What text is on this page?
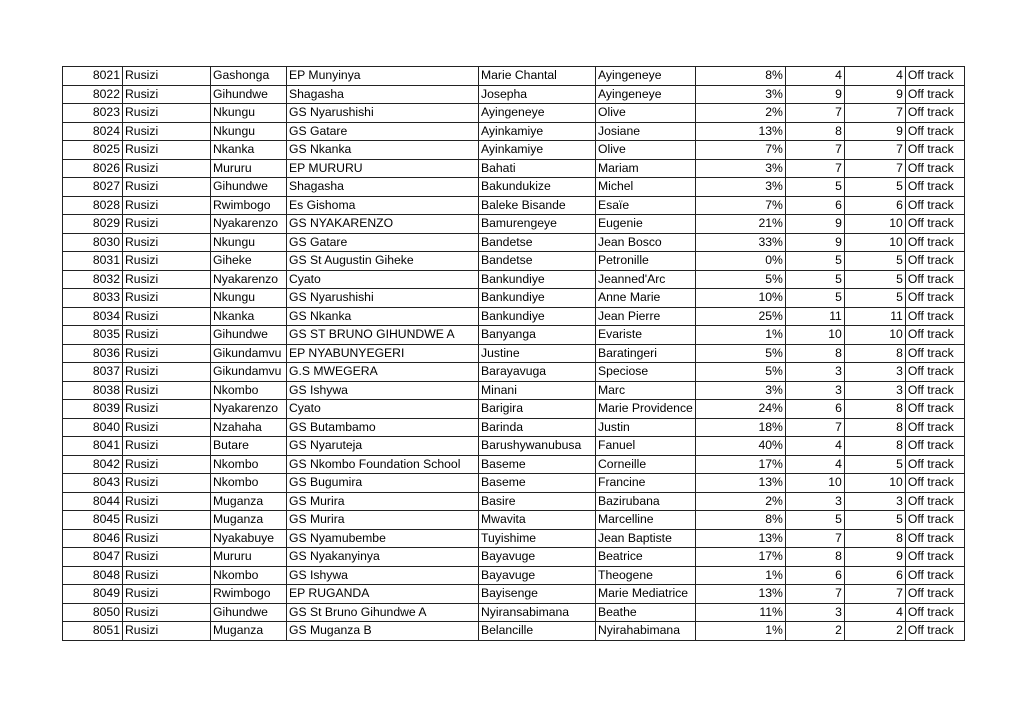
8021	Rusizi	Gashonga	EP Munyinya	Marie Chantal	Ayingeneye	8%	4	4	Off track
8022	Rusizi	Gihundwe	Shagasha	Josepha	Ayingeneye	3%	9	9	Off track
8023	Rusizi	Nkungu	GS Nyarushishi	Ayingeneye	Olive	2%	7	7	Off track
8024	Rusizi	Nkungu	GS Gatare	Ayinkamiye	Josiane	13%	8	9	Off track
8025	Rusizi	Nkanka	GS Nkanka	Ayinkamiye	Olive	7%	7	7	Off track
8026	Rusizi	Mururu	EP MURURU	Bahati	Mariam	3%	7	7	Off track
8027	Rusizi	Gihundwe	Shagasha	Bakundukize	Michel	3%	5	5	Off track
8028	Rusizi	Rwimbogo	Es Gishoma	Baleke Bisande	Esaïe	7%	6	6	Off track
8029	Rusizi	Nyakarenzo	GS NYAKARENZO	Bamurengeye	Eugenie	21%	9	10	Off track
8030	Rusizi	Nkungu	GS Gatare	Bandetse	Jean Bosco	33%	9	10	Off track
8031	Rusizi	Giheke	GS St Augustin Giheke	Bandetse	Petronille	0%	5	5	Off track
8032	Rusizi	Nyakarenzo	Cyato	Bankundiye	Jeanned'Arc	5%	5	5	Off track
8033	Rusizi	Nkungu	GS Nyarushishi	Bankundiye	Anne Marie	10%	5	5	Off track
8034	Rusizi	Nkanka	GS Nkanka	Bankundiye	Jean Pierre	25%	11	11	Off track
8035	Rusizi	Gihundwe	GS ST BRUNO GIHUNDWE A	Banyanga	Evariste	1%	10	10	Off track
8036	Rusizi	Gikundamvu	EP NYABUNYEGERI	Justine	Baratingeri	5%	8	8	Off track
8037	Rusizi	Gikundamvu	G.S MWEGERA	Barayavuga	Speciose	5%	3	3	Off track
8038	Rusizi	Nkombo	GS Ishywa	Minani	Marc	3%	3	3	Off track
8039	Rusizi	Nyakarenzo	Cyato	Barigira	Marie Providence	24%	6	8	Off track
8040	Rusizi	Nzahaha	GS Butambamo	Barinda	Justin	18%	7	8	Off track
8041	Rusizi	Butare	GS Nyaruteja	Barushywanubusa	Fanuel	40%	4	8	Off track
8042	Rusizi	Nkombo	GS Nkombo Foundation School	Baseme	Corneille	17%	4	5	Off track
8043	Rusizi	Nkombo	GS Bugumira	Baseme	Francine	13%	10	10	Off track
8044	Rusizi	Muganza	GS Murira	Basire	Bazirubana	2%	3	3	Off track
8045	Rusizi	Muganza	GS Murira	Mwavita	Marcelline	8%	5	5	Off track
8046	Rusizi	Nyakabuye	GS Nyamubembe	Tuyishime	Jean Baptiste	13%	7	8	Off track
8047	Rusizi	Mururu	GS Nyakanyinya	Bayavuge	Beatrice	17%	8	9	Off track
8048	Rusizi	Nkombo	GS Ishywa	Bayavuge	Theogene	1%	6	6	Off track
8049	Rusizi	Rwimbogo	EP RUGANDA	Bayisenge	Marie Mediatrice	13%	7	7	Off track
8050	Rusizi	Gihundwe	GS St Bruno Gihundwe A	Nyiransabimana	Beathe	11%	3	4	Off track
8051	Rusizi	Muganza	GS Muganza B	Belancille	Nyirahabimana	1%	2	2	Off track
